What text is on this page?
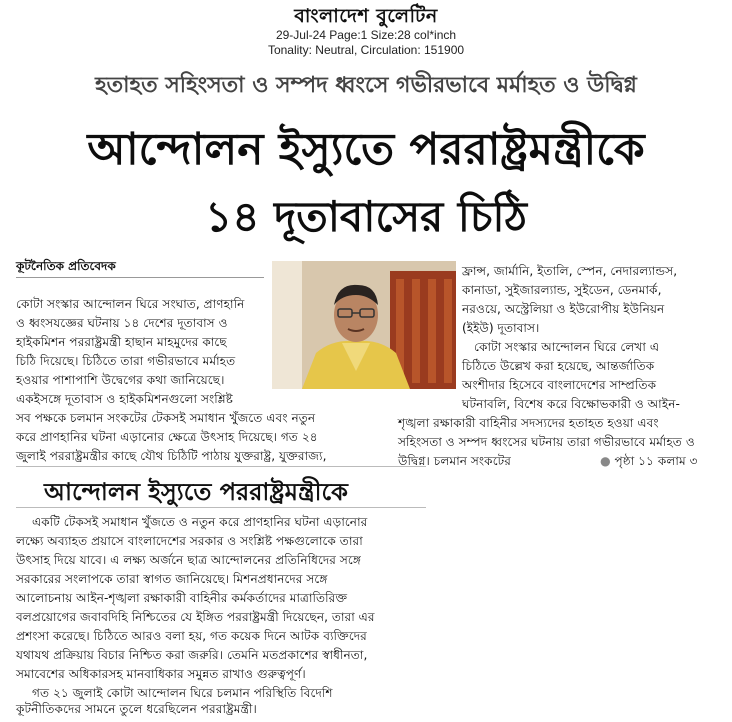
বাংলাদেশ বুলেটিন
29-Jul-24 Page:1 Size:28 col*inch
Tonality: Neutral, Circulation: 151900
হতাহত সহিংসতা ও সম্পদ ধ্বংসে গভীরভাবে মর্মাহত ও উদ্বিগ্ন
আন্দোলন ইস্যুতে পররাষ্ট্রমন্ত্রীকে
১৪ দূতাবাসের চিঠি
কূটনৈতিক প্রতিবেদক
কোটা সংস্কার আন্দোলন ঘিরে সংঘাত, প্রাণহানি
ও ধ্বংসযজ্ঞের ঘটনায় ১৪ দেশের দূতাবাস ও
হাইকমিশন পররাষ্ট্রমন্ত্রী হাছান মাহমুদের কাছে
চিঠি দিয়েছে। চিঠিতে তারা গভীরভাবে মর্মাহত
হওয়ার পাশাপাশি উদ্বেগের কথা জানিয়েছে।
একইসঙ্গে দূতাবাস ও হাইকমিশনগুলো সংশ্লিষ্ট
সব পক্ষকে চলমান সংকটের টেকসই সমাধান খুঁজতে এবং নতুন
করে প্রাণহানির ঘটনা এড়ানোর ক্ষেত্রে উৎসাহ দিয়েছে। গত ২৪
জুলাই পররাষ্ট্রমন্ত্রীর কাছে যৌথ চিঠিটি পাঠায় যুক্তরাষ্ট্র, যুক্তরাজ্য,
ফ্রান্স, জার্মানি, ইতালি, স্পেন, নেদারল্যান্ডস,
কানাডা, সুইজারল্যান্ড, সুইডেন, ডেনমার্ক,
নরওয়ে, অস্ট্রেলিয়া ও ইউরোপীয় ইউনিয়ন
(ইইউ) দূতাবাস।
কোটা সংস্কার আন্দোলন ঘিরে লেখা এ
চিঠিতে উল্লেখ করা হয়েছে, আন্তর্জাতিক
অংশীদার হিসেবে বাংলাদেশের সাম্প্রতিক
ঘটনাবলি, বিশেষ করে বিক্ষোভকারী ও আইন-
শৃঙ্খলা রক্ষাকারী বাহিনীর সদস্যদের হতাহত হওয়া এবং
সহিংসতা ও সম্পদ ধ্বংসের ঘটনায় তারা গভীরভাবে মর্মাহত ও
উদ্বিগ্ন। চলমান সংকটের	● পৃষ্ঠা ১১ কলাম ৩
আন্দোলন ইস্যুতে পররাষ্ট্রমন্ত্রীকে
একটি টেকসই সমাধান খুঁজতে ও নতুন করে প্রাণহানির ঘটনা এড়ানোর
লক্ষ্যে অব্যাহত প্রয়াসে বাংলাদেশের সরকার ও সংশ্লিষ্ট পক্ষগুলোকে তারা
উৎসাহ দিয়ে যাবে। এ লক্ষ্য অর্জনে ছাত্র আন্দোলনের প্রতিনিধিদের সঙ্গে
সরকারের সংলাপকে তারা স্বাগত জানিয়েছে। মিশনপ্রধানদের সঙ্গে
আলোচনায় আইন-শৃঙ্খলা রক্ষাকারী বাহিনীর কর্মকর্তাদের মাত্রাতিরিক্ত
বলপ্রয়োগের জবাবদিহি নিশ্চিতের যে ইঙ্গিত পররাষ্ট্রমন্ত্রী দিয়েছেন, তারা এর
প্রশংসা করেছে। চিঠিতে আরও বলা হয়, গত কয়েক দিনে আটক ব্যক্তিদের
যথাযথ প্রক্রিয়ায় বিচার নিশ্চিত করা জরুরি। তেমনি মতপ্রকাশের স্বাধীনতা,
সমাবেশের অধিকারসহ মানবাধিকার সমুন্নত রাখাও গুরুত্বপূর্ণ।
গত ২১ জুলাই কোটা আন্দোলন ঘিরে চলমান পরিস্থিতি বিদেশি
কূটনীতিকদের সামনে তুলে ধরেছিলেন পররাষ্ট্রমন্ত্রী।
